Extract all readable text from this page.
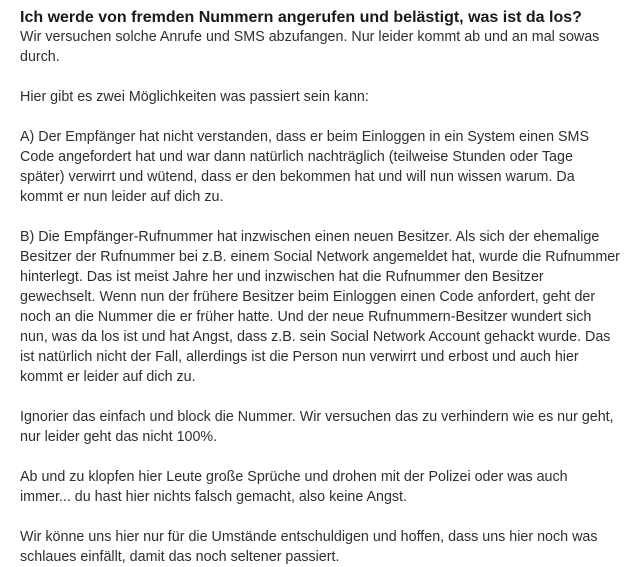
Ich werde von fremden Nummern angerufen und belästigt, was ist da los?

Wir versuchen solche Anrufe und SMS abzufangen. Nur leider kommt ab und an mal sowas durch.

Hier gibt es zwei Möglichkeiten was passiert sein kann:

A) Der Empfänger hat nicht verstanden, dass er beim Einloggen in ein System einen SMS Code angefordert hat und war dann natürlich nachträglich (teilweise Stunden oder Tage später) verwirrt und wütend, dass er den bekommen hat und will nun wissen warum. Da kommt er nun leider auf dich zu.

B) Die Empfänger-Rufnummer hat inzwischen einen neuen Besitzer. Als sich der ehemalige Besitzer der Rufnummer bei z.B. einem Social Network angemeldet hat, wurde die Rufnummer hinterlegt. Das ist meist Jahre her und inzwischen hat die Rufnummer den Besitzer gewechselt. Wenn nun der frühere Besitzer beim Einloggen einen Code anfordert, geht der noch an die Nummer die er früher hatte. Und der neue Rufnummern-Besitzer wundert sich nun, was da los ist und hat Angst, dass z.B. sein Social Network Account gehackt wurde. Das ist natürlich nicht der Fall, allerdings ist die Person nun verwirrt und erbost und auch hier kommt er leider auf dich zu.

Ignorier das einfach und block die Nummer. Wir versuchen das zu verhindern wie es nur geht, nur leider geht das nicht 100%.

Ab und zu klopfen hier Leute große Sprüche und drohen mit der Polizei oder was auch immer... du hast hier nichts falsch gemacht, also keine Angst.

Wir könne uns hier nur für die Umstände entschuldigen und hoffen, dass uns hier noch was schlaues einfällt, damit das noch seltener passiert.
